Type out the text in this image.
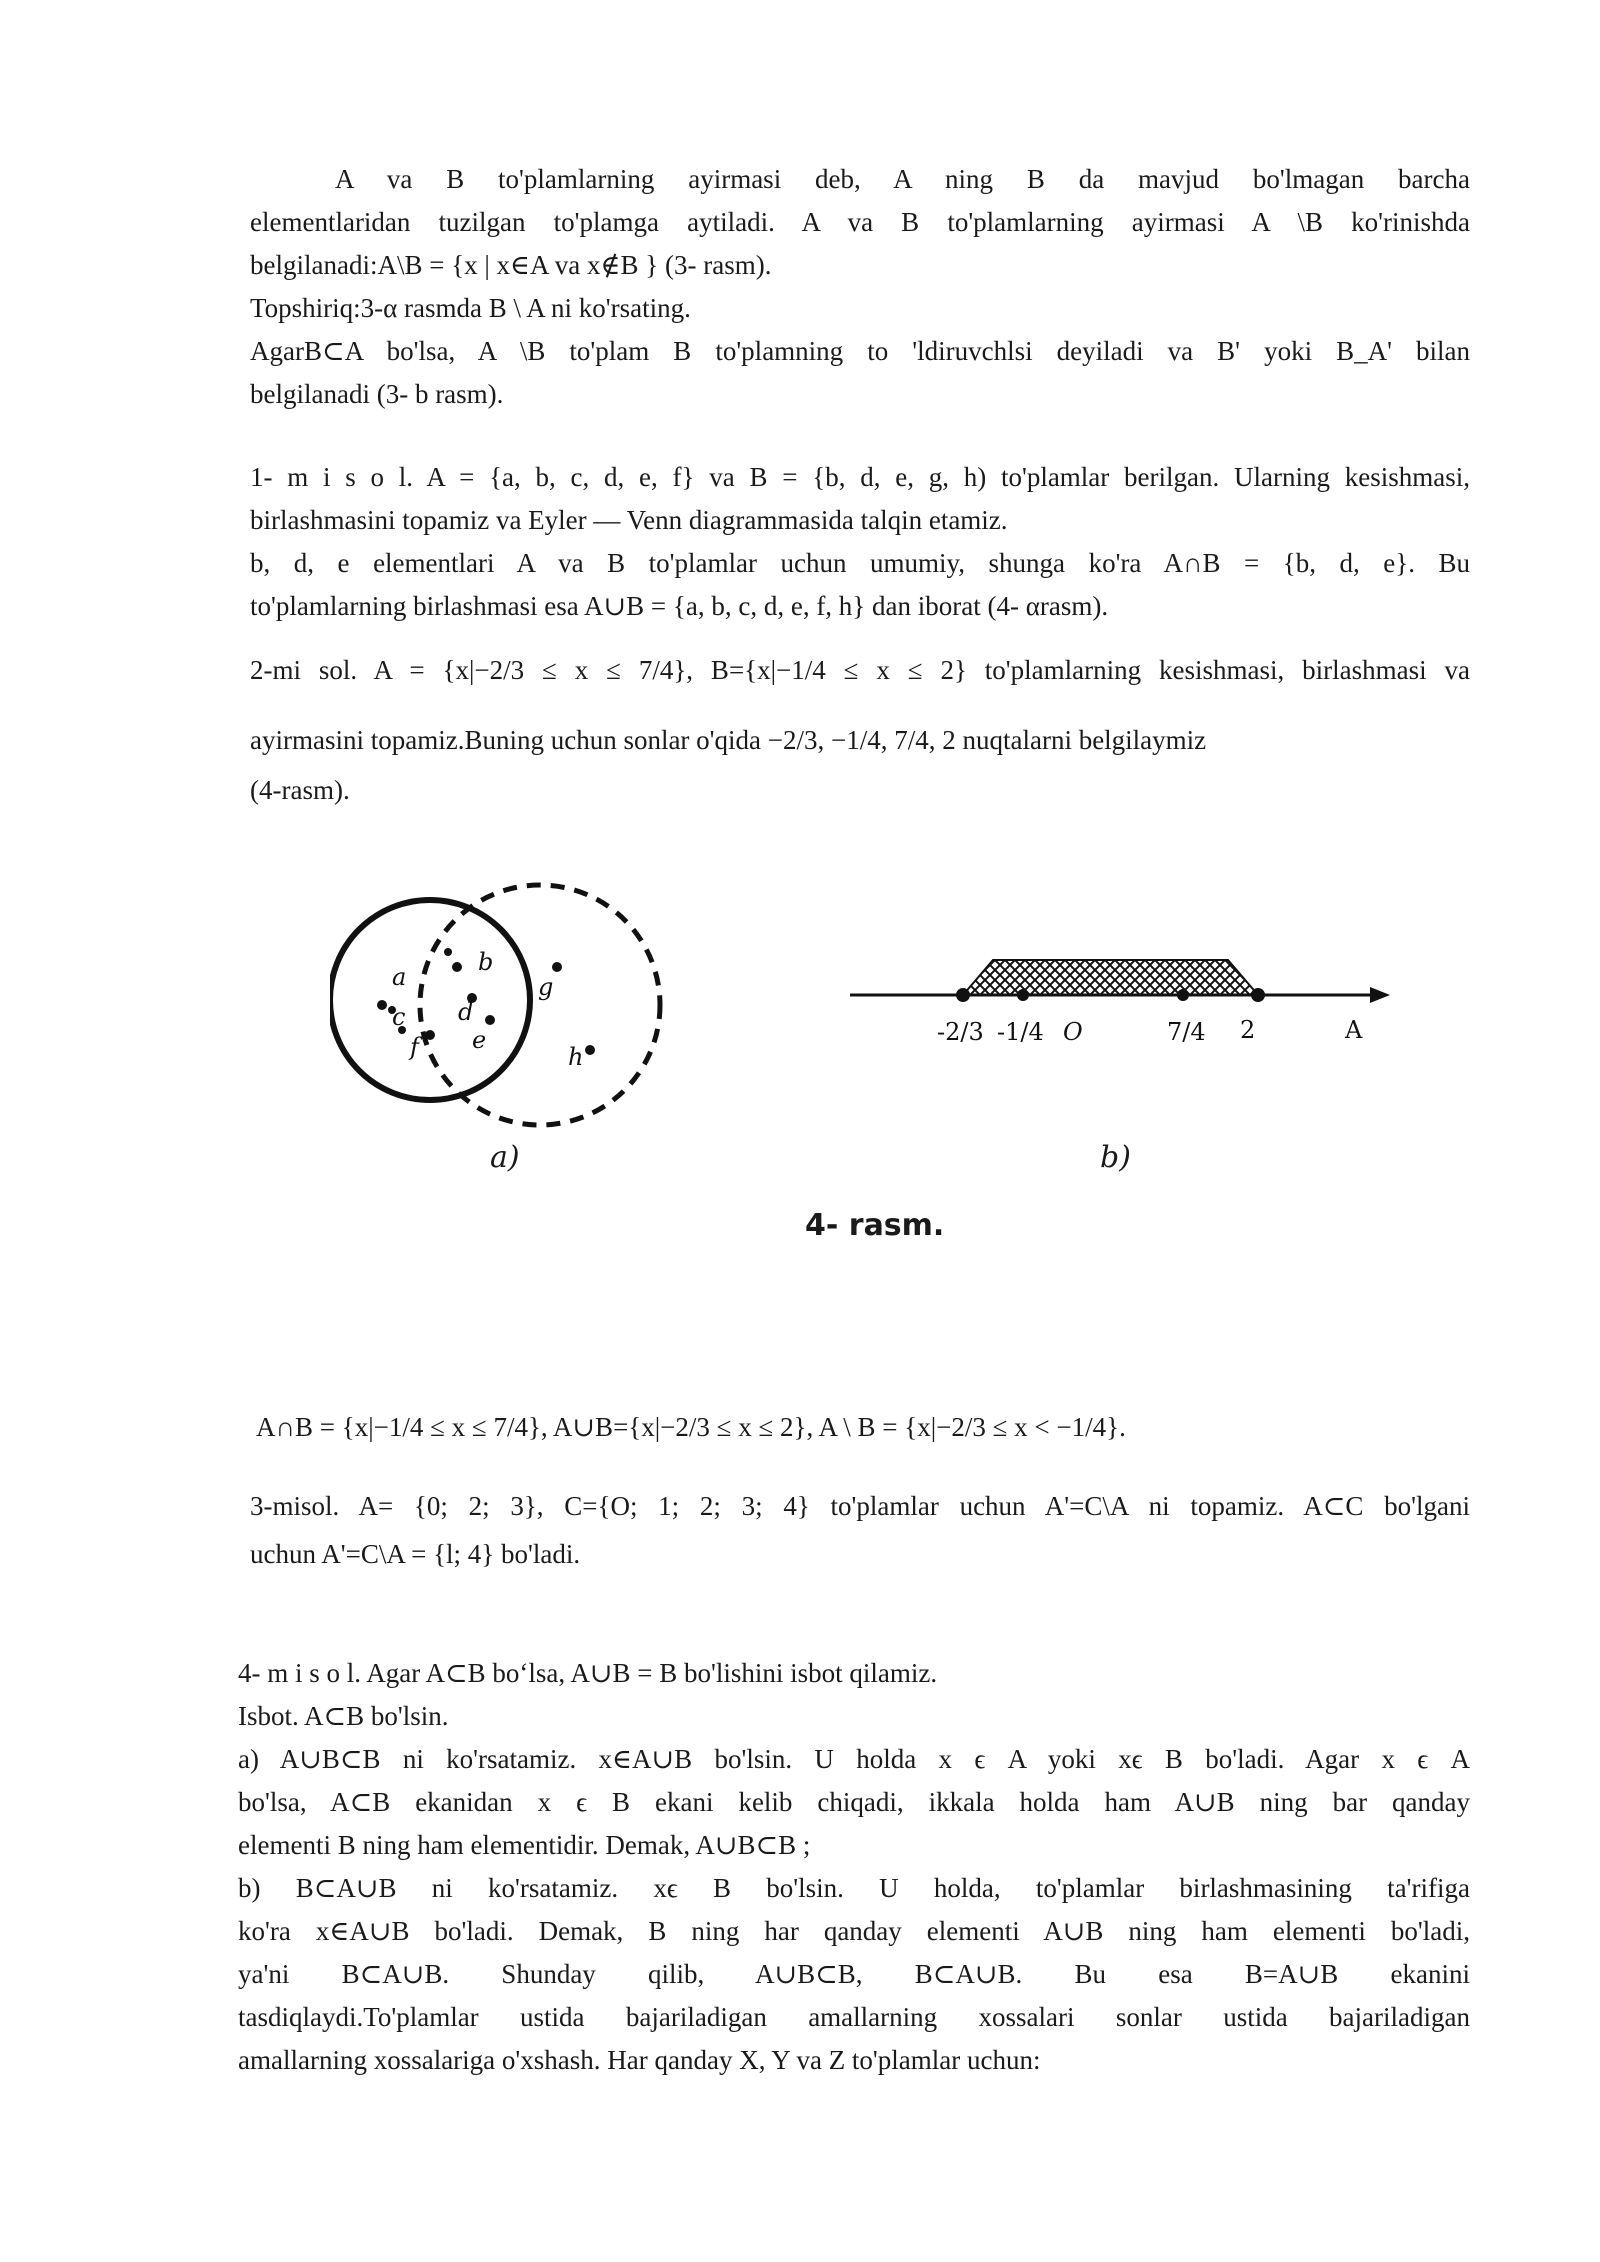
A va B to'plamlarning ayirmasi deb, A ning B da mavjud bo'lmagan barcha
elementlaridan tuzilgan to'plamga aytiladi. A va B to'plamlarning ayirmasi A \B ko'rinishda
belgilanadi:A\B = {x | x∈A va x∉B } (3- rasm).
Topshiriq:3-α rasmda B \ A ni ko'rsating.
AgarB⊂A bo'lsa, A \B to'plam B to'plamning to 'ldiruvchlsi deyiladi va B' yoki B_A' bilan
belgilanadi (3- b rasm).
1- m i s o l. A = {a, b, c, d, e, f} va B = {b, d, e, g, h) to'plamlar berilgan. Ularning kesishmasi,
birlashmasini topamiz va Eyler — Venn diagrammasida talqin etamiz.
b, d, e elementlari A va B to'plamlar uchun umumiy, shunga ko'ra A∩B = {b, d, e}. Bu
to'plamlarning birlashmasi esa A∪B = {a, b, c, d, e, f, h} dan iborat (4- αrasm).
2-mi sol. A = {x|−2/3 ≤ x ≤ 7/4}, B={x|−1/4 ≤ x ≤ 2} to'plamlarning kesishmasi, birlashmasi va
ayirmasini topamiz.Buning uchun sonlar o'qida −2/3, −1/4, 7/4, 2 nuqtalarni belgilaymiz
(4-rasm).
a
b
c d
e
f
g
h
a)
-2/3 -1/4 O	7/4 2	A
b)
4- rasm.
A∩B = {x|−1/4 ≤ x ≤ 7/4}, A∪B={x|−2/3 ≤ x ≤ 2}, A \ B = {x|−2/3 ≤ x < −1/4}.
3-misol. A= {0; 2; 3}, C={O; 1; 2; 3; 4} to'plamlar uchun A'=C\A ni topamiz. A⊂C bo'lgani
uchun A'=C\A = {l; 4} bo'ladi.
4- m i s o l. Agar A⊂B bo‘lsa, A∪B = B bo'lishini isbot qilamiz.
Isbot. A⊂B bo'lsin.
a) A∪B⊂B ni ko'rsatamiz. x∈A∪B bo'lsin. U holda x ϵ A yoki xϵ B bo'ladi. Agar x ϵ A
bo'lsa, A⊂B ekanidan x ϵ B ekani kelib chiqadi, ikkala holda ham A∪B ning bar qanday
elementi B ning ham elementidir. Demak, A∪B⊂B ;
b) B⊂A∪B ni ko'rsatamiz. xϵ B bo'lsin. U holda, to'plamlar birlashmasining ta'rifiga
ko'ra x∈A∪B bo'ladi. Demak, B ning har qanday elementi A∪B ning ham elementi bo'ladi,
ya'ni B⊂A∪B. Shunday qilib, A∪B⊂B, B⊂A∪B. Bu esa B=A∪B ekanini
tasdiqlaydi.To'plamlar ustida bajariladigan amallarning xossalari sonlar ustida bajariladigan
amallarning xossalariga o'xshash. Har qanday X, Y va Z to'plamlar uchun:
